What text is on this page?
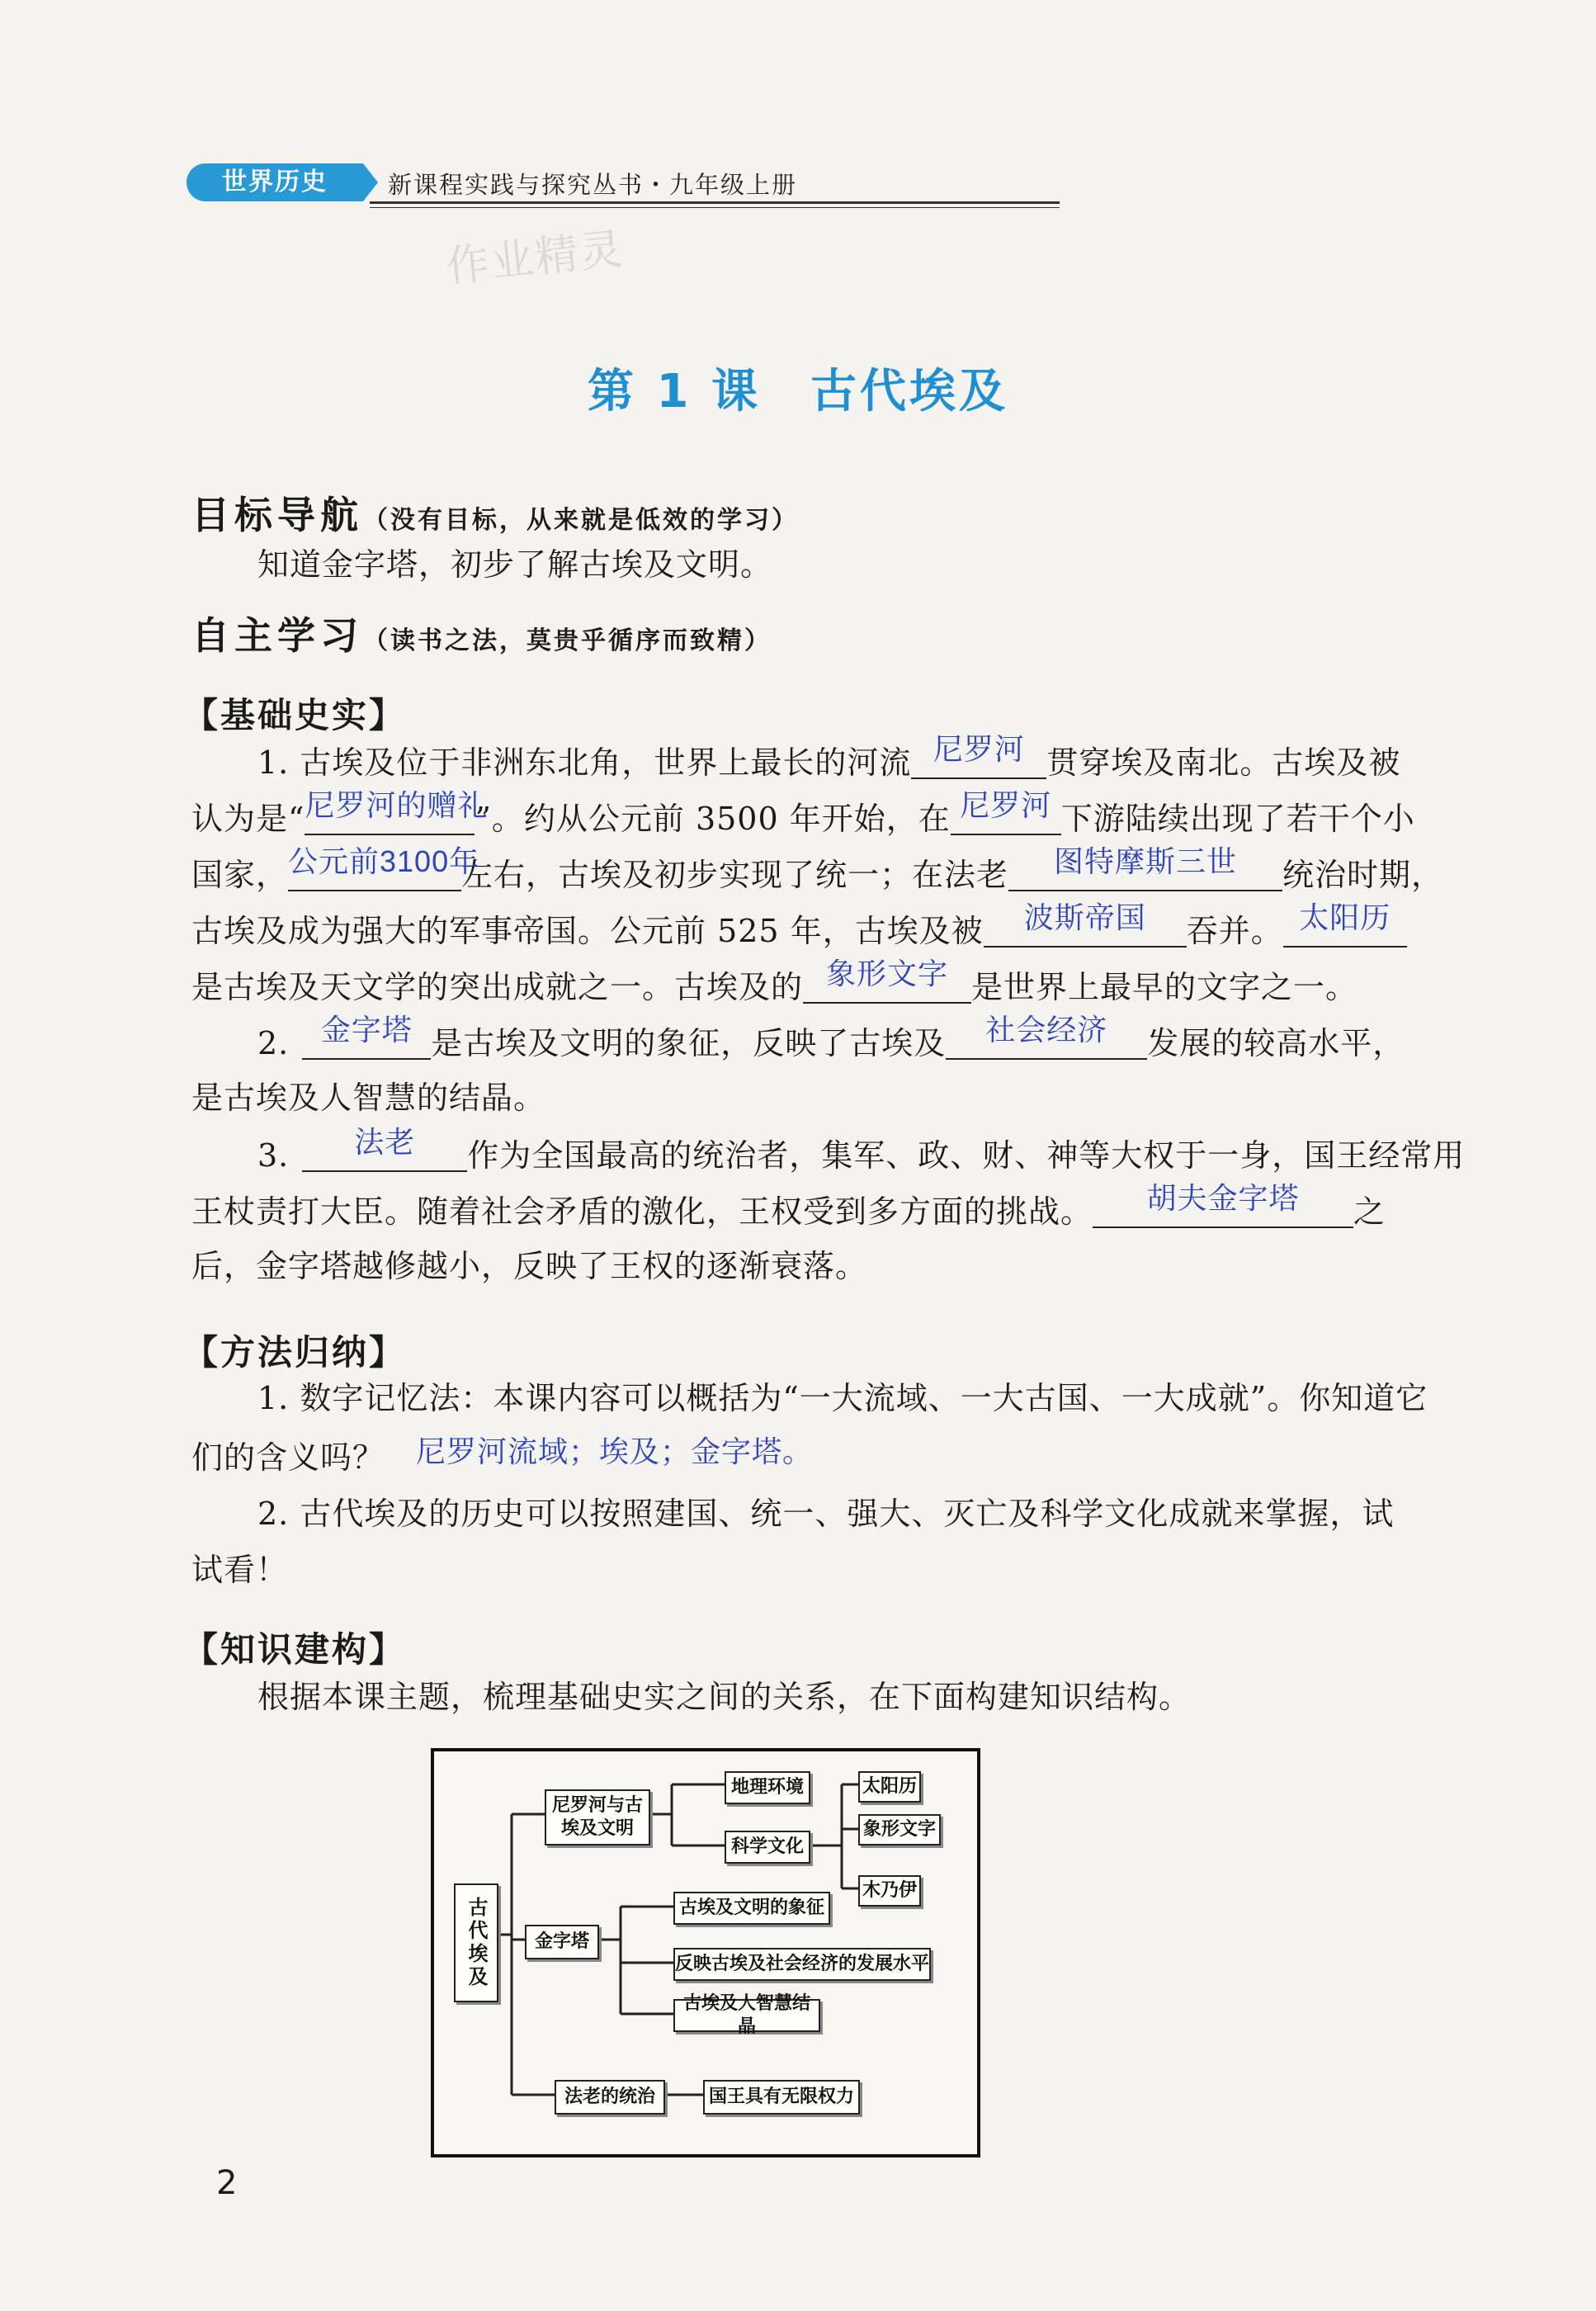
世界历史	新课程实践与探究丛书・九年级上册
作业精灵
第 1 课　古代埃及
目标导航（没有目标，从来就是低效的学习）
知道金字塔，初步了解古埃及文明。
自主学习（读书之法，莫贵乎循序而致精）
【基础史实】
1. 古埃及位于非洲东北角，世界上最长的河流 尼罗河 贯穿埃及南北。古埃及被
认为是“ 尼罗河的赠礼
”。约从公元前 3500 年开始，在 尼罗河 下游陆续出现了若干个小
国家， 公元前3100年
左右，古埃及初步实现了统一；在法老	图特摩斯三世	统治时期，
古埃及成为强大的军事帝国。公元前 525 年，古埃及被	波斯帝国	吞并。 太阳历
是古埃及天文学的突出成就之一。古埃及的 象形文字 是世界上最早的文字之一。
2.	金字塔 是古埃及文明的象征，反映了古埃及	社会经济	发展的较高水平，
是古埃及人智慧的结晶。
3.	法老	作为全国最高的统治者，集军、政、财、神等大权于一身，国王经常用
王杖责打大臣。随着社会矛盾的激化，王权受到多方面的挑战。	胡夫金字塔	之
后，金字塔越修越小，反映了王权的逐渐衰落。
【方法归纳】
1. 数字记忆法：本课内容可以概括为“一大流域、一大古国、一大成就”。你知道它
们的含义吗？ 尼罗河流域；埃及；金字塔。
2. 古代埃及的历史可以按照建国、统一、强大、灭亡及科学文化成就来掌握，试
试看！
【知识建构】
根据本课主题，梳理基础史实之间的关系，在下面构建知识结构。
古代埃及
尼罗河与古埃及文明
地理环境
科学文化
太阳历
象形文字
木乃伊
金字塔
古埃及文明的象征
反映古埃及社会经济的发展水平
古埃及人智慧结晶
法老的统治	国王具有无限权力
2
